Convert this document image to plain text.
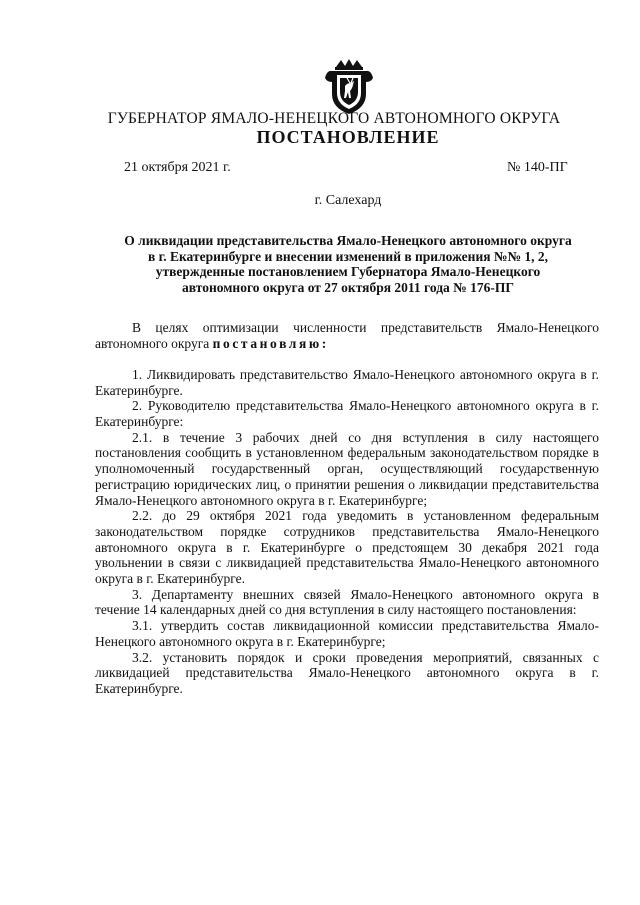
ГУБЕРНАТОР ЯМАЛО-НЕНЕЦКОГО АВТОНОМНОГО ОКРУГА
ПОСТАНОВЛЕНИЕ
21 октября 2021 г.	№ 140-ПГ
г. Салехард
О ликвидации представительства Ямало-Ненецкого автономного округа
в г. Екатеринбурге и внесении изменений в приложения №№ 1, 2,
утвержденные постановлением Губернатора Ямало-Ненецкого
автономного округа от 27 октября 2011 года № 176-ПГ

В целях оптимизации численности представительств Ямало-Ненецкого автономного округа постановляю:

1. Ликвидировать представительство Ямало-Ненецкого автономного округа в г. Екатеринбурге.

2. Руководителю представительства Ямало-Ненецкого автономного округа в г. Екатеринбурге:

2.1. в течение 3 рабочих дней со дня вступления в силу настоящего постановления сообщить в установленном федеральным законодательством порядке в уполномоченный государственный орган, осуществляющий государственную регистрацию юридических лиц, о принятии решения о ликвидации представительства Ямало-Ненецкого автономного округа в г. Екатеринбурге;

2.2. до 29 октября 2021 года уведомить в установленном федеральным законодательством порядке сотрудников представительства Ямало-Ненецкого автономного округа в г. Екатеринбурге о предстоящем 30 декабря 2021 года увольнении в связи с ликвидацией представительства Ямало-Ненецкого автономного округа в г. Екатеринбурге.

3. Департаменту внешних связей Ямало-Ненецкого автономного округа в течение 14 календарных дней со дня вступления в силу настоящего постановления:

3.1. утвердить состав ликвидационной комиссии представительства Ямало-Ненецкого автономного округа в г. Екатеринбурге;

3.2. установить порядок и сроки проведения мероприятий, связанных с ликвидацией представительства Ямало-Ненецкого автономного округа в г. Екатеринбурге.
